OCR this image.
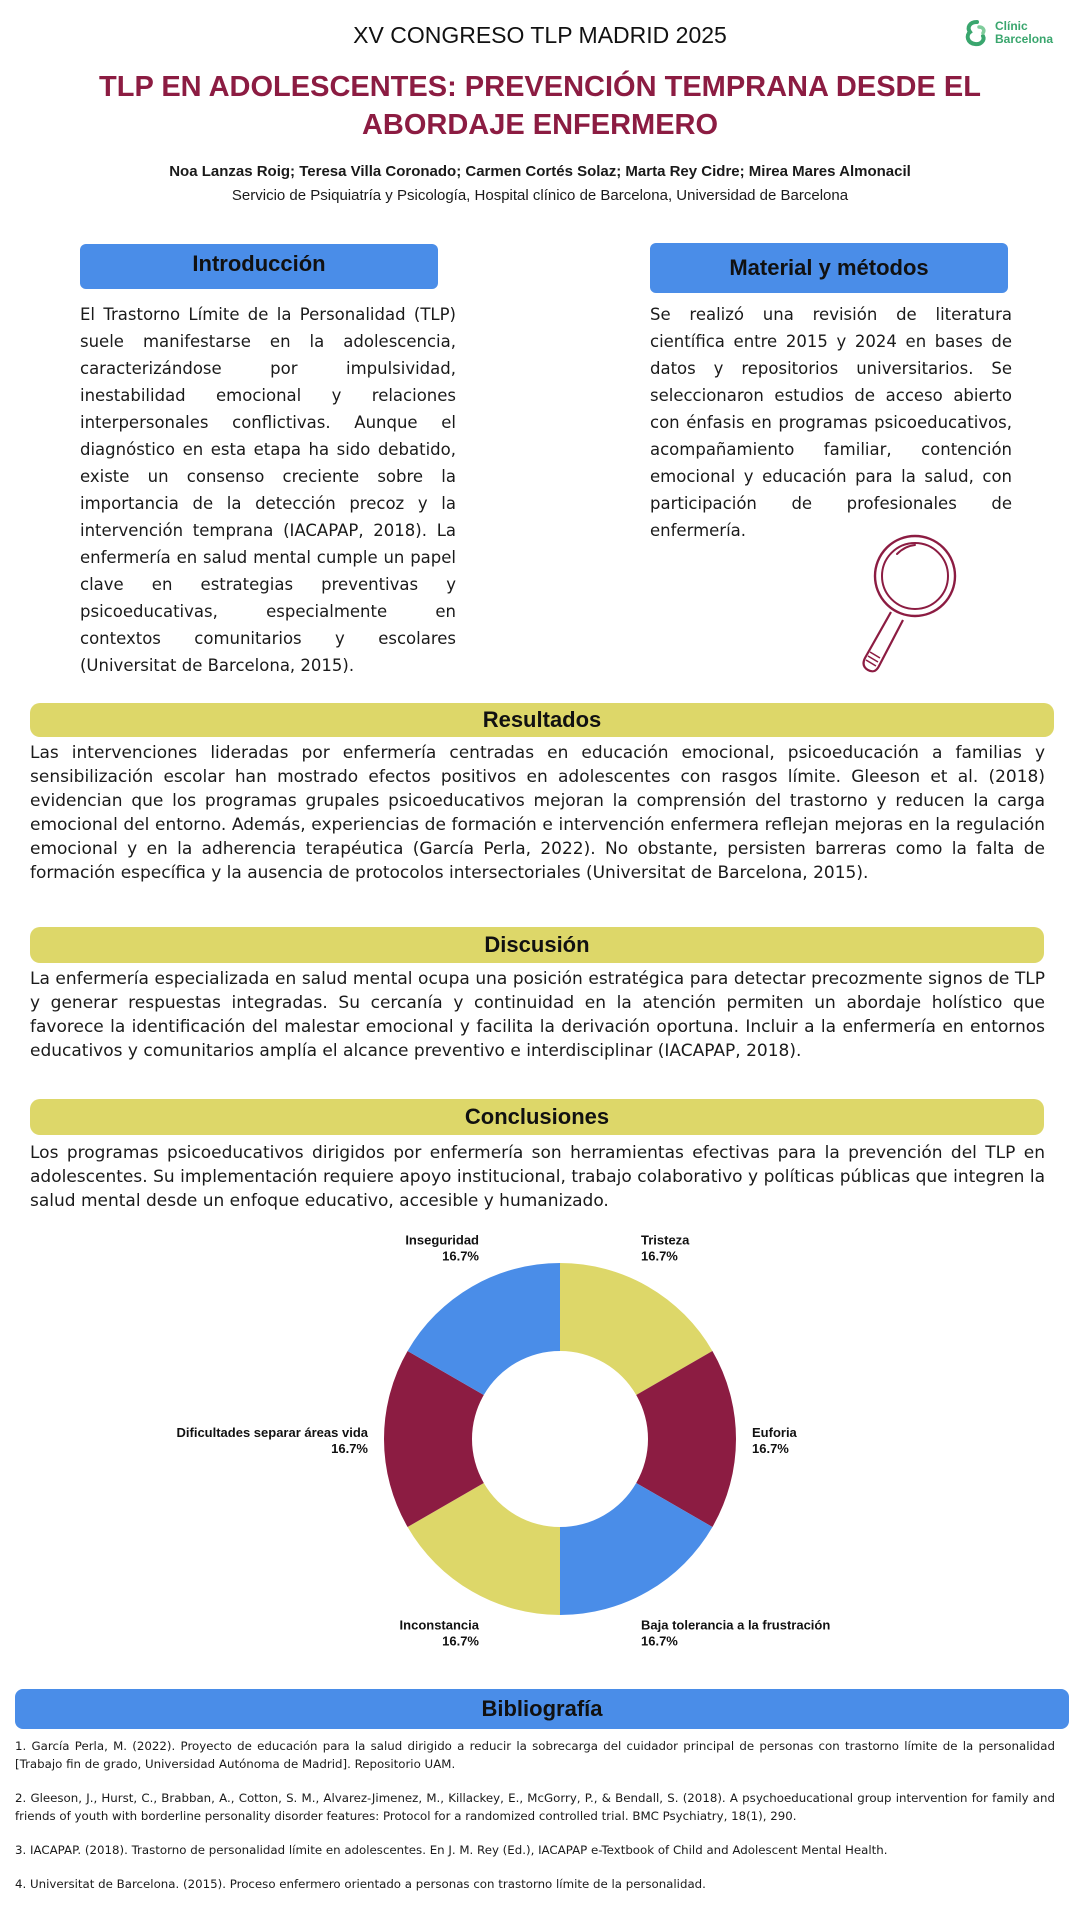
XV CONGRESO TLP MADRID 2025	Clínic
Barcelona
TLP EN ADOLESCENTES: PREVENCIÓN TEMPRANA DESDE EL ABORDAJE ENFERMERO
Noa Lanzas Roig; Teresa Villa Coronado; Carmen Cortés Solaz; Marta Rey Cidre; Mirea Mares Almonacil
Servicio de Psiquiatría y Psicología, Hospital clínico de Barcelona, Universidad de Barcelona
Introducción
El Trastorno Límite de la Personalidad (TLP) suele manifestarse en la adolescencia, caracterizándose por impulsividad, inestabilidad emocional y relaciones interpersonales conflictivas. Aunque el diagnóstico en esta etapa ha sido debatido, existe un consenso creciente sobre la importancia de la detección precoz y la intervención temprana (IACAPAP, 2018). La enfermería en salud mental cumple un papel clave en estrategias preventivas y psicoeducativas, especialmente en contextos comunitarios y escolares (Universitat de Barcelona, 2015).
Material y métodos
Se realizó una revisión de literatura científica entre 2015 y 2024 en bases de datos y repositorios universitarios. Se seleccionaron estudios de acceso abierto con énfasis en programas psicoeducativos, acompañamiento familiar, contención emocional y educación para la salud, con participación de profesionales de enfermería.
Resultados
Las intervenciones lideradas por enfermería centradas en educación emocional, psicoeducación a familias y sensibilización escolar han mostrado efectos positivos en adolescentes con rasgos límite. Gleeson et al. (2018) evidencian que los programas grupales psicoeducativos mejoran la comprensión del trastorno y reducen la carga emocional del entorno. Además, experiencias de formación e intervención enfermera reflejan mejoras en la regulación emocional y en la adherencia terapéutica (García Perla, 2022). No obstante, persisten barreras como la falta de formación específica y la ausencia de protocolos intersectoriales (Universitat de Barcelona, 2015).
Discusión
La enfermería especializada en salud mental ocupa una posición estratégica para detectar precozmente signos de TLP y generar respuestas integradas. Su cercanía y continuidad en la atención permiten un abordaje holístico que favorece la identificación del malestar emocional y facilita la derivación oportuna. Incluir a la enfermería en entornos educativos y comunitarios amplía el alcance preventivo e interdisciplinar (IACAPAP, 2018).
Conclusiones
Los programas psicoeducativos dirigidos por enfermería son herramientas efectivas para la prevención del TLP en adolescentes. Su implementación requiere apoyo institucional, trabajo colaborativo y políticas públicas que integren la salud mental desde un enfoque educativo, accesible y humanizado.
Tristeza
16.7%
Euforia
16.7%
Baja tolerancia a la frustración
16.7%
Inconstancia
16.7%
Dificultades separar áreas vida
16.7%
Inseguridad
16.7%
Bibliografía

1. García Perla, M. (2022). Proyecto de educación para la salud dirigido a reducir la sobrecarga del cuidador principal de personas con trastorno límite de la personalidad [Trabajo fin de grado, Universidad Autónoma de Madrid]. Repositorio UAM.

2. Gleeson, J., Hurst, C., Brabban, A., Cotton, S. M., Alvarez-Jimenez, M., Killackey, E., McGorry, P., & Bendall, S. (2018). A psychoeducational group intervention for family and friends of youth with borderline personality disorder features: Protocol for a randomized controlled trial. BMC Psychiatry, 18(1), 290.

3. IACAPAP. (2018). Trastorno de personalidad límite en adolescentes. En J. M. Rey (Ed.), IACAPAP e-Textbook of Child and Adolescent Mental Health.

4. Universitat de Barcelona. (2015). Proceso enfermero orientado a personas con trastorno límite de la personalidad.
